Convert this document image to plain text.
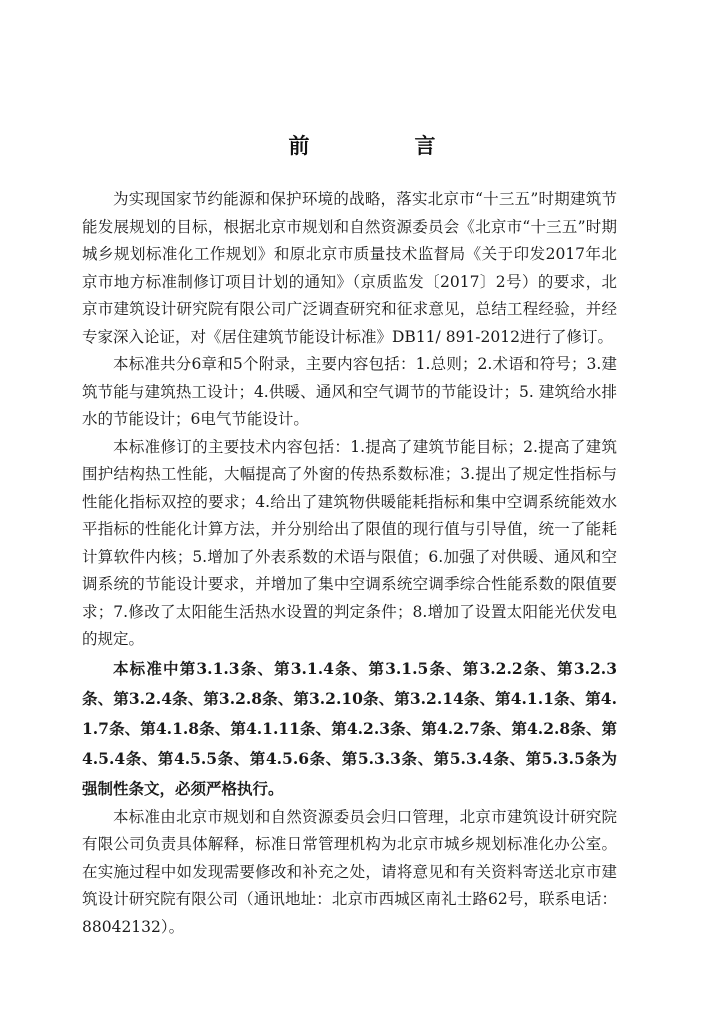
前　言

为实现国家节约能源和保护环境的战略，落实北京市“十三五”时期建筑节能发展规划的目标，根据北京市规划和自然资源委员会《北京市“十三五”时期城乡规划标准化工作规划》和原北京市质量技术监督局《关于印发2017年北京市地方标准制修订项目计划的通知》（京质监发〔2017〕2号）的要求，北京市建筑设计研究院有限公司广泛调查研究和征求意见，总结工程经验，并经专家深入论证，对《居住建筑节能设计标准》DB11/ 891-2012进行了修订。

本标准共分6章和5个附录，主要内容包括：1.总则；2.术语和符号；3.建筑节能与建筑热工设计；4.供暖、通风和空气调节的节能设计；5. 建筑给水排水的节能设计；6电气节能设计。

本标准修订的主要技术内容包括：1.提高了建筑节能目标；2.提高了建筑围护结构热工性能，大幅提高了外窗的传热系数标准；3.提出了规定性指标与性能化指标双控的要求；4.给出了建筑物供暖能耗指标和集中空调系统能效水平指标的性能化计算方法，并分别给出了限值的现行值与引导值，统一了能耗计算软件内核；5.增加了外表系数的术语与限值；6.加强了对供暖、通风和空调系统的节能设计要求，并增加了集中空调系统空调季综合性能系数的限值要求；7.修改了太阳能生活热水设置的判定条件；8.增加了设置太阳能光伏发电的规定。

本标准中第3.1.3条、第3.1.4条、第3.1.5条、第3.2.2条、第3.2.3条、第3.2.4条、第3.2.8条、第3.2.10条、第3.2.14条、第4.1.1条、第4.1.7条、第4.1.8条、第4.1.11条、第4.2.3条、第4.2.7条、第4.2.8条、第4.5.4条、第4.5.5条、第4.5.6条、第5.3.3条、第5.3.4条、第5.3.5条为强制性条文，必须严格执行。

本标准由北京市规划和自然资源委员会归口管理，北京市建筑设计研究院有限公司负责具体解释，标准日常管理机构为北京市城乡规划标准化办公室。在实施过程中如发现需要修改和补充之处，请将意见和有关资料寄送北京市建筑设计研究院有限公司（通讯地址：北京市西城区南礼士路62号，联系电话：88042132）。
